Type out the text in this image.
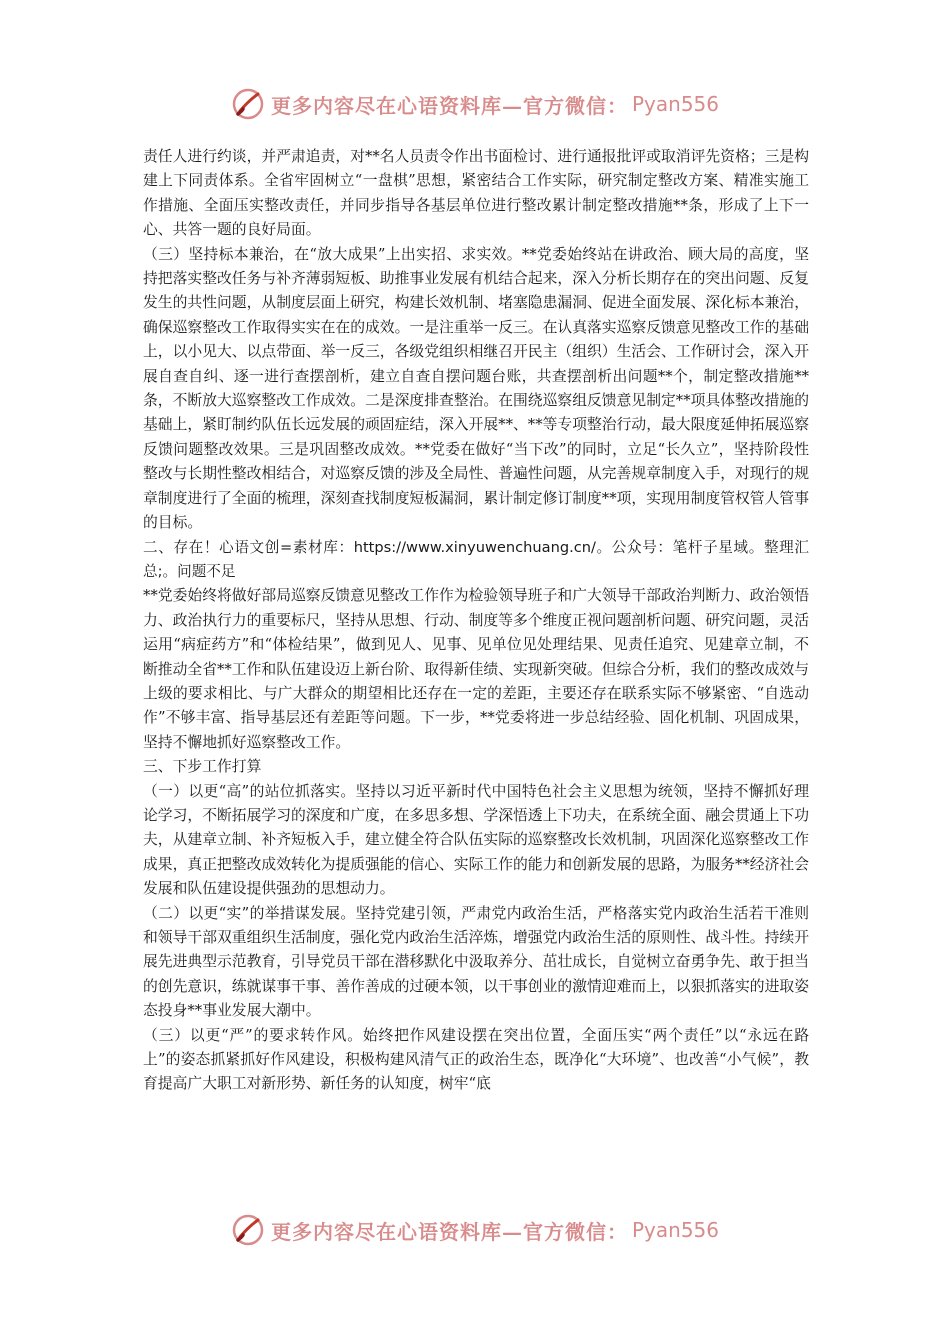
更多内容尽在心语资料库—官方微信： Pyan556

责任人进行约谈，并严肃追责，对**名人员责令作出书面检讨、进行通报批评或取消评先资格；三是构建上下同责体系。全省牢固树立“一盘棋”思想，紧密结合工作实际，研究制定整改方案、精准实施工作措施、全面压实整改责任，并同步指导各基层单位进行整改累计制定整改措施**条，形成了上下一心、共答一题的良好局面。

（三）坚持标本兼治，在“放大成果”上出实招、求实效。**党委始终站在讲政治、顾大局的高度，坚持把落实整改任务与补齐薄弱短板、助推事业发展有机结合起来，深入分析长期存在的突出问题、反复发生的共性问题，从制度层面上研究，构建长效机制、堵塞隐患漏洞、促进全面发展、深化标本兼治，确保巡察整改工作取得实实在在的成效。一是注重举一反三。在认真落实巡察反馈意见整改工作的基础上，以小见大、以点带面、举一反三，各级党组织相继召开民主（组织）生活会、工作研讨会，深入开展自查自纠、逐一进行查摆剖析，建立自查自摆问题台账，共查摆剖析出问题**个，制定整改措施**条，不断放大巡察整改工作成效。二是深度排查整治。在围绕巡察组反馈意见制定**项具体整改措施的基础上，紧盯制约队伍长远发展的顽固症结，深入开展**、**等专项整治行动，最大限度延伸拓展巡察反馈问题整改效果。三是巩固整改成效。**党委在做好“当下改”的同时，立足“长久立”，坚持阶段性整改与长期性整改相结合，对巡察反馈的涉及全局性、普遍性问题，从完善规章制度入手，对现行的规章制度进行了全面的梳理，深刻查找制度短板漏洞，累计制定修订制度**项，实现用制度管权管人管事的目标。

二、存在！心语文创=素材库：https://www.xinyuwenchuang.cn/。公众号：笔杆子星域。整理汇总;。问题不足

**党委始终将做好部局巡察反馈意见整改工作作为检验领导班子和广大领导干部政治判断力、政治领悟力、政治执行力的重要标尺，坚持从思想、行动、制度等多个维度正视问题剖析问题、研究问题，灵活运用“病症药方”和“体检结果”，做到见人、见事、见单位见处理结果、见责任追究、见建章立制，不断推动全省**工作和队伍建设迈上新台阶、取得新佳绩、实现新突破。但综合分析，我们的整改成效与上级的要求相比、与广大群众的期望相比还存在一定的差距，主要还存在联系实际不够紧密、“自选动作”不够丰富、指导基层还有差距等问题。下一步，**党委将进一步总结经验、固化机制、巩固成果，坚持不懈地抓好巡察整改工作。

三、下步工作打算

（一）以更“高”的站位抓落实。坚持以习近平新时代中国特色社会主义思想为统领，坚持不懈抓好理论学习，不断拓展学习的深度和广度，在多思多想、学深悟透上下功夫，在系统全面、融会贯通上下功夫，从建章立制、补齐短板入手，建立健全符合队伍实际的巡察整改长效机制，巩固深化巡察整改工作成果，真正把整改成效转化为提质强能的信心、实际工作的能力和创新发展的思路，为服务**经济社会发展和队伍建设提供强劲的思想动力。

（二）以更“实”的举措谋发展。坚持党建引领，严肃党内政治生活，严格落实党内政治生活若干准则和领导干部双重组织生活制度，强化党内政治生活淬炼，增强党内政治生活的原则性、战斗性。持续开展先进典型示范教育，引导党员干部在潜移默化中汲取养分、茁壮成长，自觉树立奋勇争先、敢于担当的创先意识，练就谋事干事、善作善成的过硬本领，以干事创业的激情迎难而上，以狠抓落实的进取姿态投身**事业发展大潮中。

（三）以更“严”的要求转作风。始终把作风建设摆在突出位置，全面压实“两个责任”以“永远在路上”的姿态抓紧抓好作风建设，积极构建风清气正的政治生态，既净化“大环境”、也改善“小气候”，教育提高广大职工对新形势、新任务的认知度，树牢“底

更多内容尽在心语资料库—官方微信： Pyan556
